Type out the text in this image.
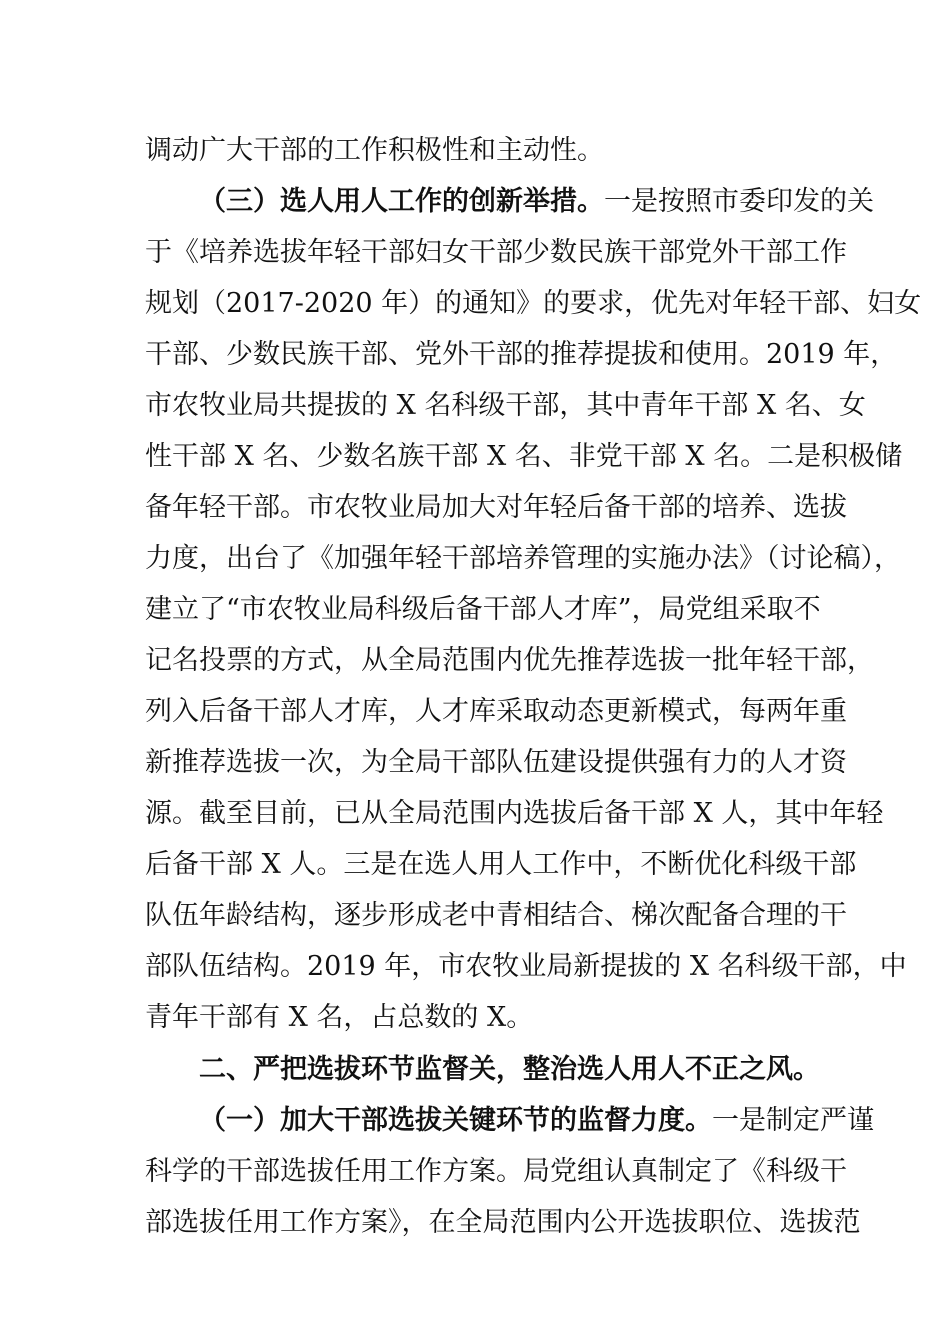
调动广大干部的工作积极性和主动性。
（三）选人用人工作的创新举措。一是按照市委印发的关
于《培养选拔年轻干部妇女干部少数民族干部党外干部工作
规划（2017-2020 年）的通知》的要求，优先对年轻干部、妇女
干部、少数民族干部、党外干部的推荐提拔和使用。2019 年，
市农牧业局共提拔的 X 名科级干部，其中青年干部 X 名、女
性干部 X 名、少数名族干部 X 名、非党干部 X 名。二是积极储
备年轻干部。市农牧业局加大对年轻后备干部的培养、选拔
力度，出台了《加强年轻干部培养管理的实施办法》（讨论稿），
建立了“市农牧业局科级后备干部人才库”，局党组采取不
记名投票的方式，从全局范围内优先推荐选拔一批年轻干部，
列入后备干部人才库，人才库采取动态更新模式，每两年重
新推荐选拔一次，为全局干部队伍建设提供强有力的人才资
源。截至目前，已从全局范围内选拔后备干部 X 人，其中年轻
后备干部 X 人。三是在选人用人工作中，不断优化科级干部
队伍年龄结构，逐步形成老中青相结合、梯次配备合理的干
部队伍结构。2019 年，市农牧业局新提拔的 X 名科级干部，中
青年干部有 X 名，占总数的 X。
二、严把选拔环节监督关，整治选人用人不正之风。
（一）加大干部选拔关键环节的监督力度。一是制定严谨
科学的干部选拔任用工作方案。局党组认真制定了《科级干
部选拔任用工作方案》，在全局范围内公开选拔职位、选拔范
